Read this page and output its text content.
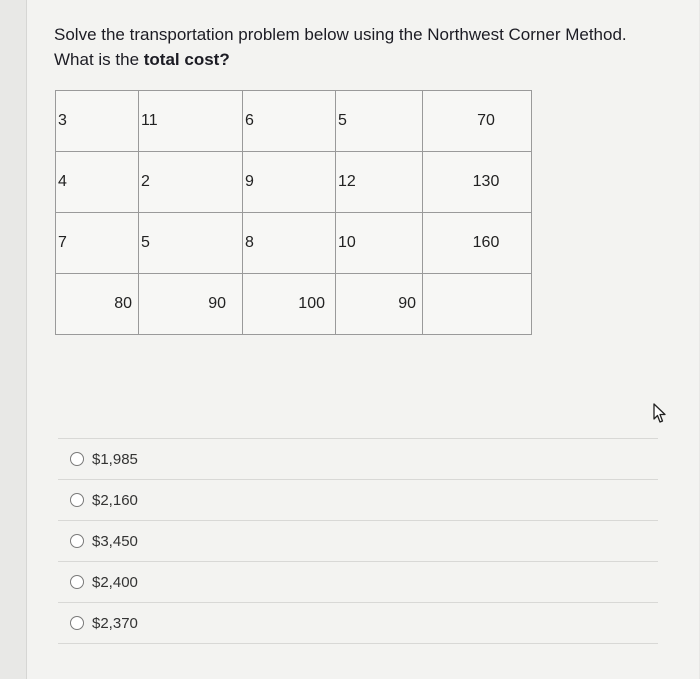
Solve the transportation problem below using the Northwest Corner Method.
What is the total cost?
3	11	6	5	70
4	2	9	12	130
7	5	8	10	160
80	90	100	90	
$1,985
$2,160
$3,450
$2,400
$2,370
